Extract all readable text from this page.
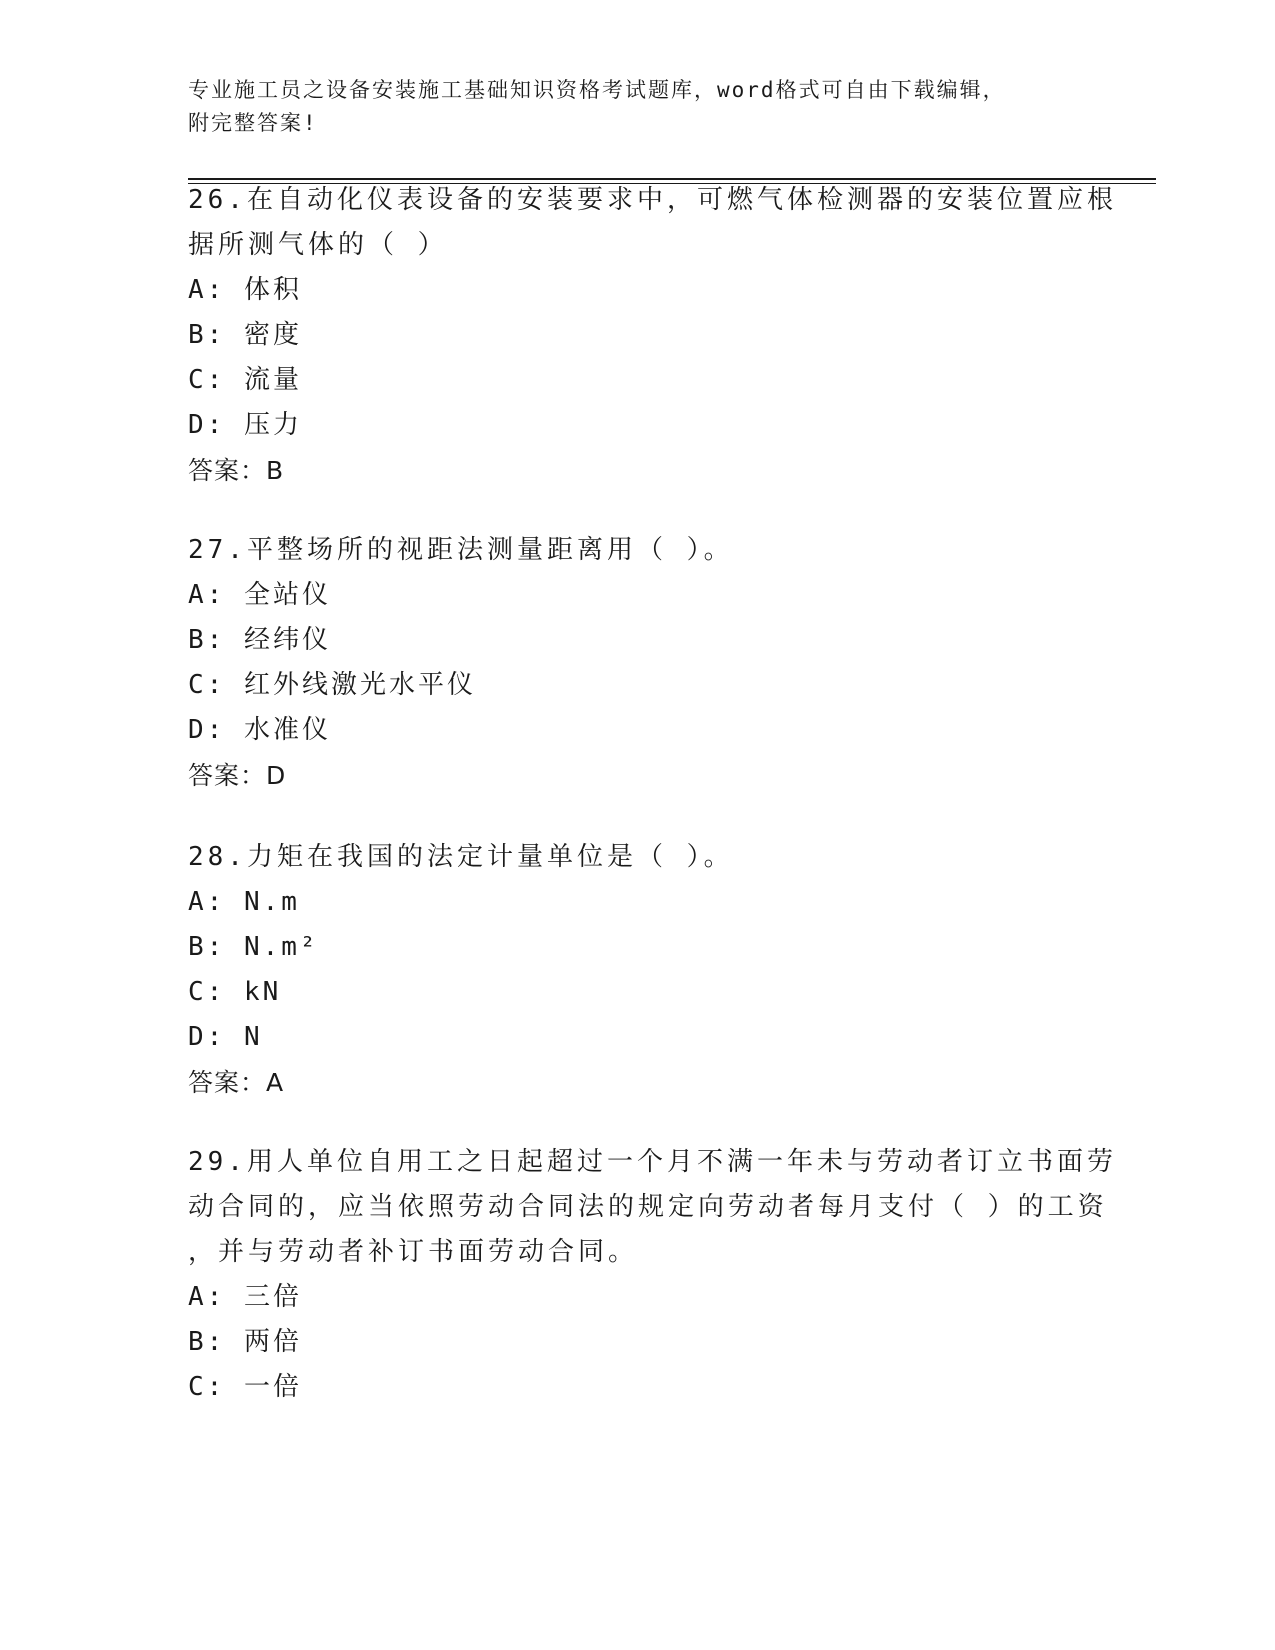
专业施工员之设备安装施工基础知识资格考试题库，word格式可自由下载编辑，
附完整答案!
26.在自动化仪表设备的安装要求中，可燃气体检测器的安装位置应根
据所测气体的（ ）
A: 体积
B: 密度
C: 流量
D: 压力
答案：B
27.平整场所的视距法测量距离用（ ）。
A: 全站仪
B: 经纬仪
C: 红外线激光水平仪
D: 水准仪
答案：D
28.力矩在我国的法定计量单位是（ ）。
A: N.m
B: N.m²
C: kN
D: N
答案：A
29.用人单位自用工之日起超过一个月不满一年未与劳动者订立书面劳
动合同的，应当依照劳动合同法的规定向劳动者每月支付（ ）的工资
，并与劳动者补订书面劳动合同。
A: 三倍
B: 两倍
C: 一倍
